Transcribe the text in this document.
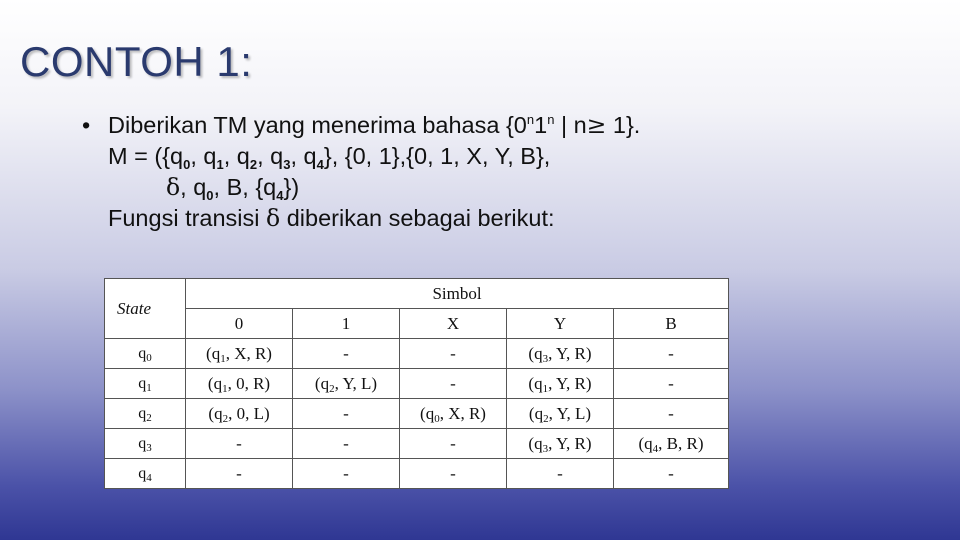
CONTOH 1:
• Diberikan TM yang menerima bahasa {0$^n$1$^n$ | n≥ 1}.
$M = (\{q_0$, $q_1$, $q_2$, $q_3$, $q_4$}, {0, 1},{0, 1, X, Y, B},
δ, $q_0$, B, $\{q_4\}$)
Fungsi transisi δ diberikan sebagai berikut:
State	Simbol				
	0	1	X	Y	B
$q_0$	($q_1$, X, R)	-	-	($q_3$, Y, R)	-
$q_1$	($q_1$, 0, R)	($q_2$, Y, L)	-	($q_1$, Y, R)	-
$q_2$	($q_2$, 0, L)	-	($q_0$, X, R)	($q_2$, Y, L)	-
$q_3$	-	-	-	($q_3$, Y, R)	($q_4$, B, R)
$q_4$	-	-	-	-	-
